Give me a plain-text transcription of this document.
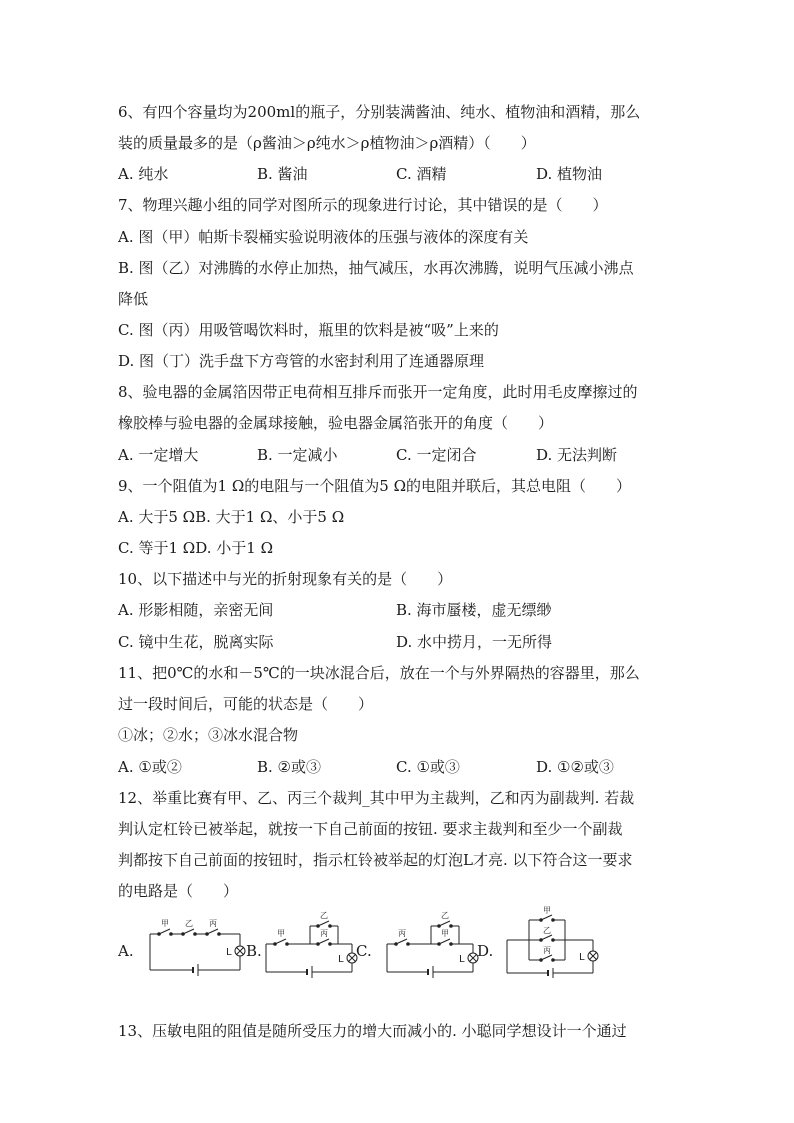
6、有四个容量均为200ml的瓶子，分别装满酱油、纯水、植物油和酒精，那么
装的质量最多的是（ρ酱油＞ρ纯水＞ρ植物油＞ρ酒精）（　　）
A. 纯水	B. 酱油	C. 酒精	D. 植物油
7、物理兴趣小组的同学对图所示的现象进行讨论，其中错误的是（　　）
A. 图（甲）帕斯卡裂桶实验说明液体的压强与液体的深度有关
B. 图（乙）对沸腾的水停止加热，抽气减压，水再次沸腾，说明气压减小沸点
降低
C. 图（丙）用吸管喝饮料时，瓶里的饮料是被“吸”上来的
D. 图（丁）洗手盘下方弯管的水密封利用了连通器原理
8、验电器的金属箔因带正电荷相互排斥而张开一定角度，此时用毛皮摩擦过的
橡胶棒与验电器的金属球接触，验电器金属箔张开的角度（　　）
A. 一定增大	B. 一定减小	C. 一定闭合	D. 无法判断
9、一个阻值为1 Ω的电阻与一个阻值为5 Ω的电阻并联后，其总电阻（　　）
A. 大于5 ΩB. 大于1 Ω、小于5 Ω
C. 等于1 ΩD. 小于1 Ω
10、以下描述中与光的折射现象有关的是（　　）
A. 形影相随，亲密无间	B. 海市蜃楼，虚无缥缈
C. 镜中生花，脱离实际	D. 水中捞月，一无所得
11、把0℃的水和－5℃的一块冰混合后，放在一个与外界隔热的容器里，那么
过一段时间后，可能的状态是（　　）
①冰；②水；③冰水混合物
A. ①或②	B. ②或③	C. ①或③	D. ①②或③
12、举重比赛有甲、乙、丙三个裁判_其中甲为主裁判，乙和丙为副裁判. 若裁
判认定杠铃已被举起，就按一下自己前面的按钮. 要求主裁判和至少一个副裁
判都按下自己前面的按钮时，指示杠铃被举起的灯泡L才亮. 以下符合这一要求
的电路是（　　）
A.	B.	C.	D.
甲 乙 丙
L
甲
乙
丙
L
丙
乙
甲
L
甲
乙
丙
L
13、压敏电阻的阻值是随所受压力的增大而减小的. 小聪同学想设计一个通过
